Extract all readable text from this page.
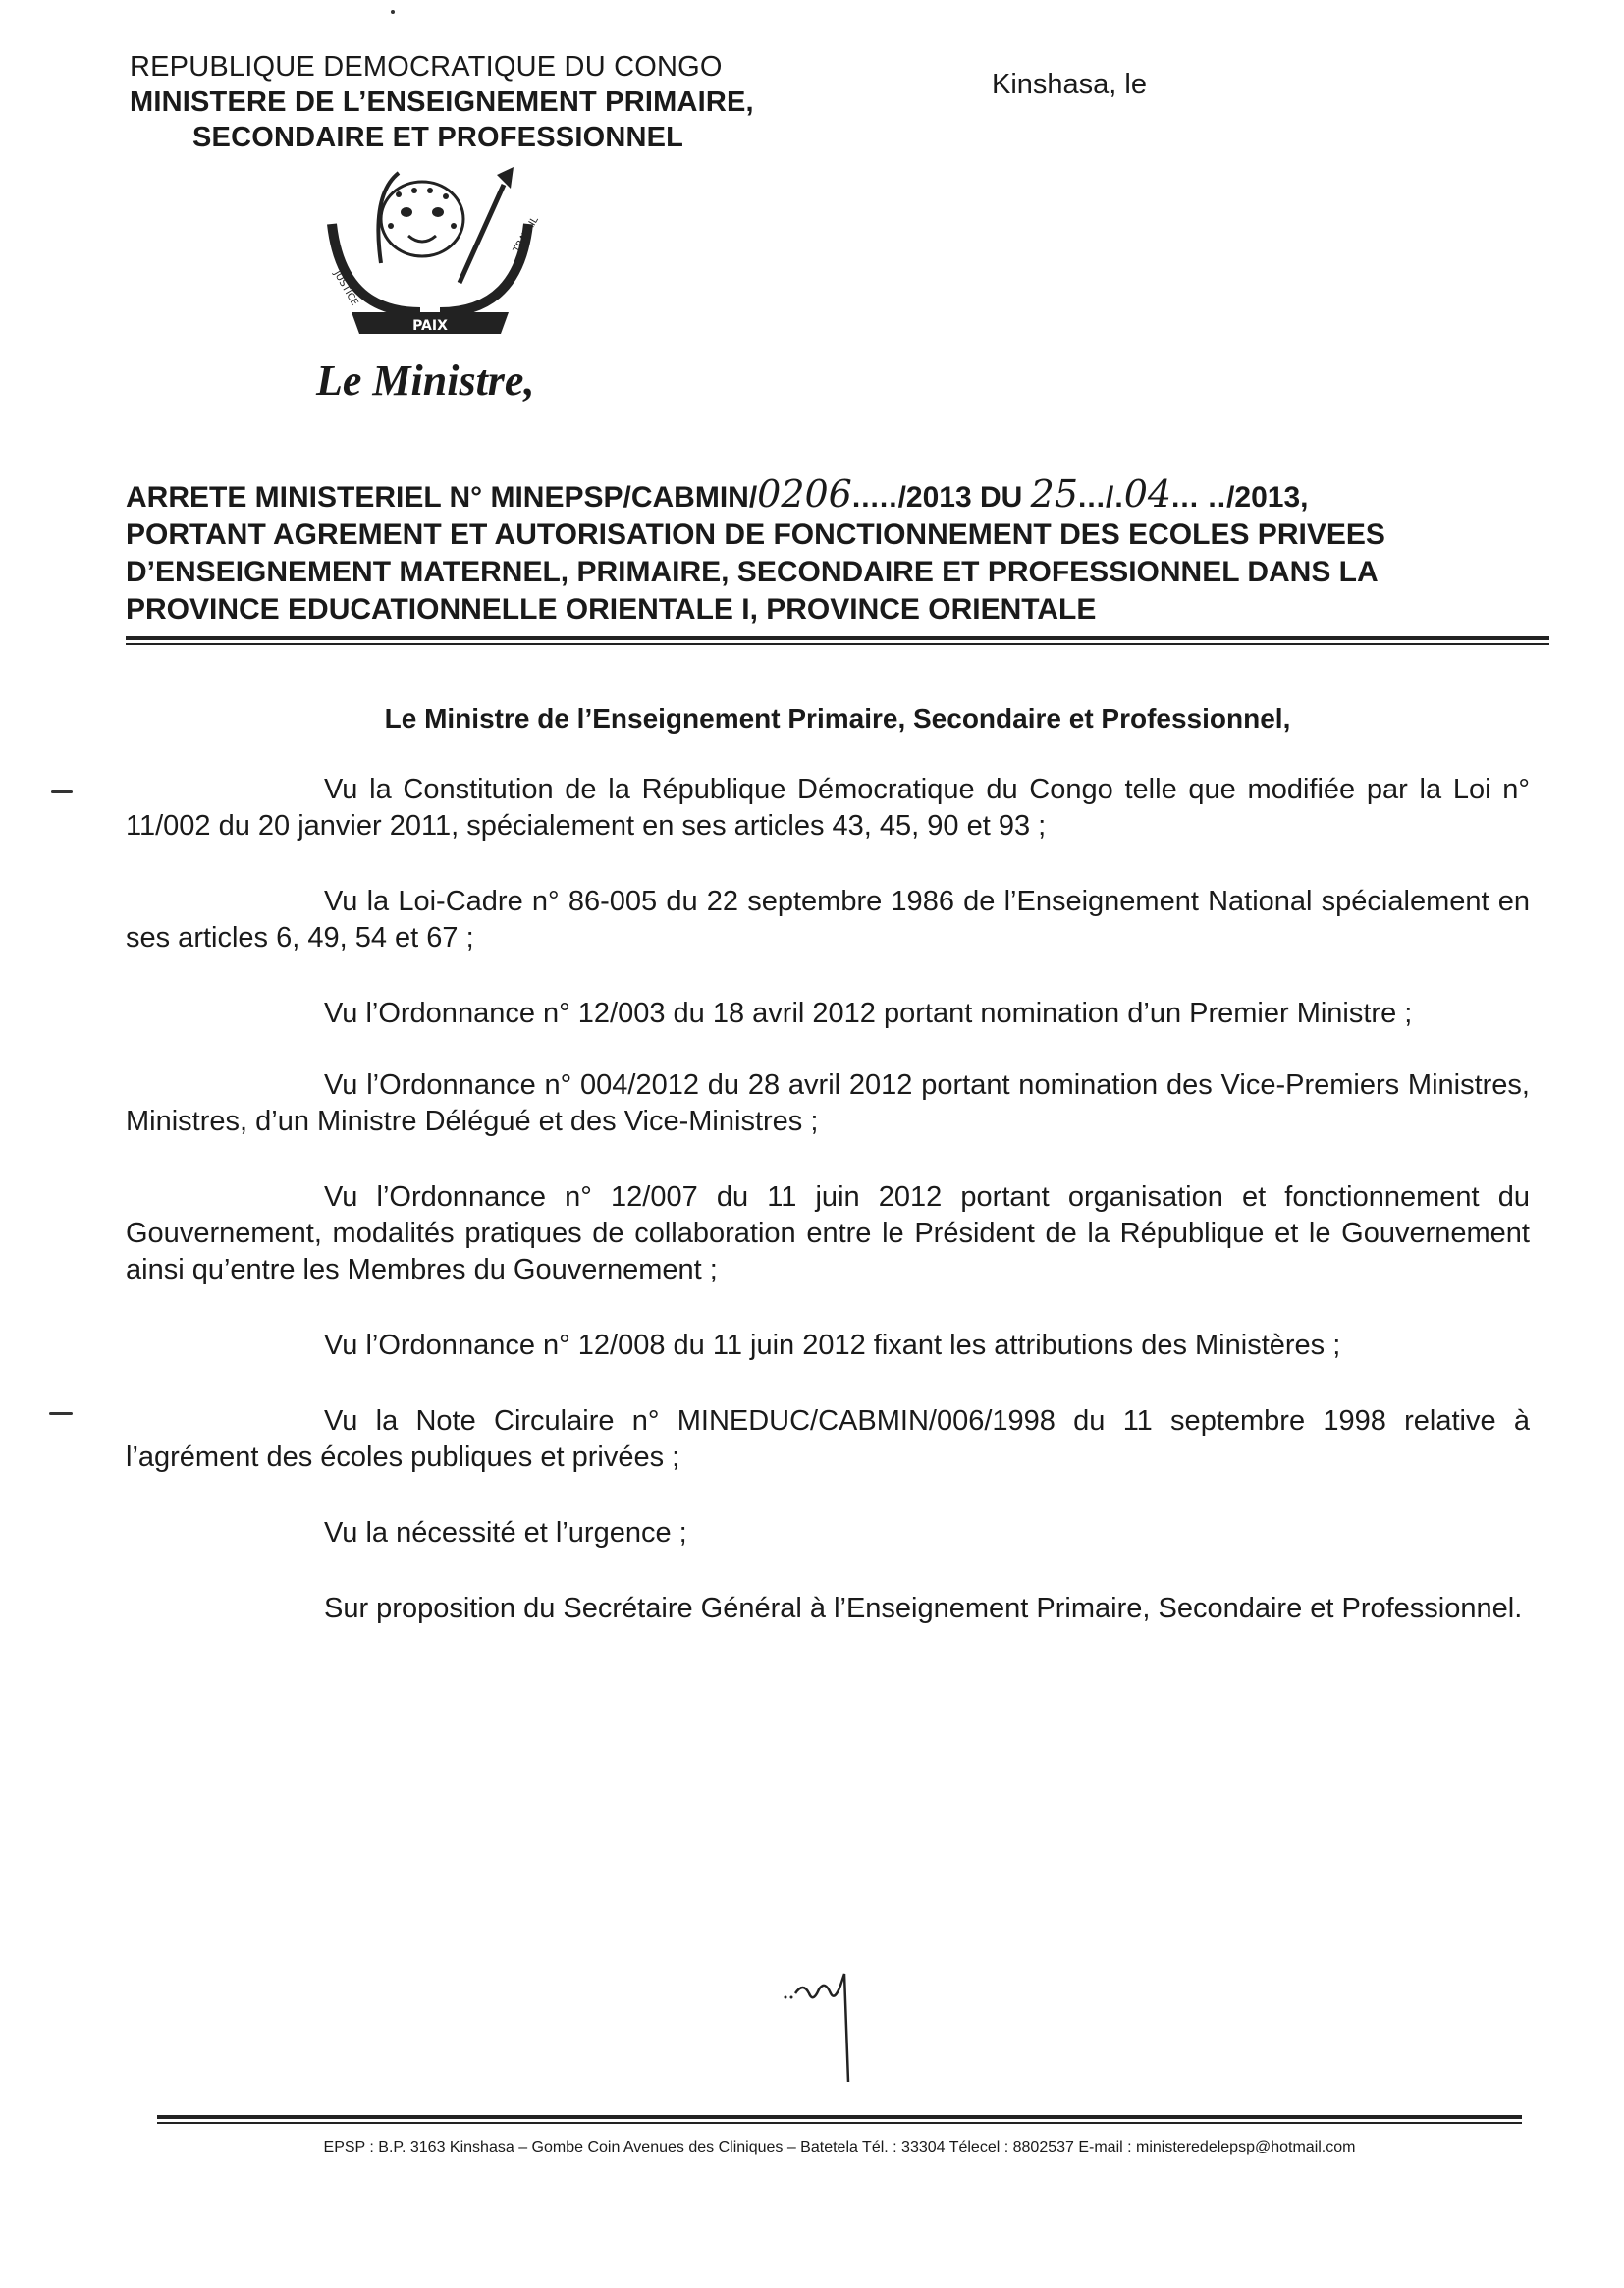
REPUBLIQUE DEMOCRATIQUE DU CONGO
MINISTERE DE L’ENSEIGNEMENT PRIMAIRE,
SECONDAIRE ET PROFESSIONNEL
Kinshasa, le
PAIX
JUSTICE
TRAVAIL
Le Ministre,
ARRETE MINISTERIEL N° MINEPSP/CABMIN/0206...../2013 DU 25.../.04... ../2013,
PORTANT AGREMENT ET AUTORISATION DE FONCTIONNEMENT DES ECOLES PRIVEES
D’ENSEIGNEMENT MATERNEL, PRIMAIRE, SECONDAIRE ET PROFESSIONNEL DANS LA
PROVINCE EDUCATIONNELLE ORIENTALE I, PROVINCE ORIENTALE
Le Ministre de l’Enseignement Primaire, Secondaire et Professionnel,

Vu la Constitution de la République Démocratique du Congo telle que modifiée par la Loi n° 11/002 du 20 janvier 2011, spécialement en ses articles 43, 45, 90 et 93 ;

Vu la Loi-Cadre n° 86-005 du 22 septembre 1986 de l’Enseignement National spécialement en ses articles 6, 49, 54 et 67 ;

Vu l’Ordonnance n° 12/003 du 18 avril 2012 portant nomination d’un Premier Ministre ;

Vu l’Ordonnance n° 004/2012 du 28 avril 2012 portant nomination des Vice-Premiers Ministres, Ministres, d’un Ministre Délégué et des Vice-Ministres ;

Vu l’Ordonnance n° 12/007 du 11 juin 2012 portant organisation et fonctionnement du Gouvernement, modalités pratiques de collaboration entre le Président de la République et le Gouvernement ainsi qu’entre les Membres du Gouvernement ;

Vu l’Ordonnance n° 12/008 du 11 juin 2012 fixant les attributions des Ministères ;

Vu la Note Circulaire n° MINEDUC/CABMIN/006/1998 du 11 septembre 1998 relative à l’agrément des écoles publiques et privées ;

Vu la nécessité et l’urgence ;

Sur proposition du Secrétaire Général à l’Enseignement Primaire, Secondaire et Professionnel.

EPSP : B.P. 3163 Kinshasa – Gombe Coin Avenues des Cliniques – Batetela Tél. : 33304 Télecel : 8802537 E-mail : ministeredelepsp@hotmail.com
